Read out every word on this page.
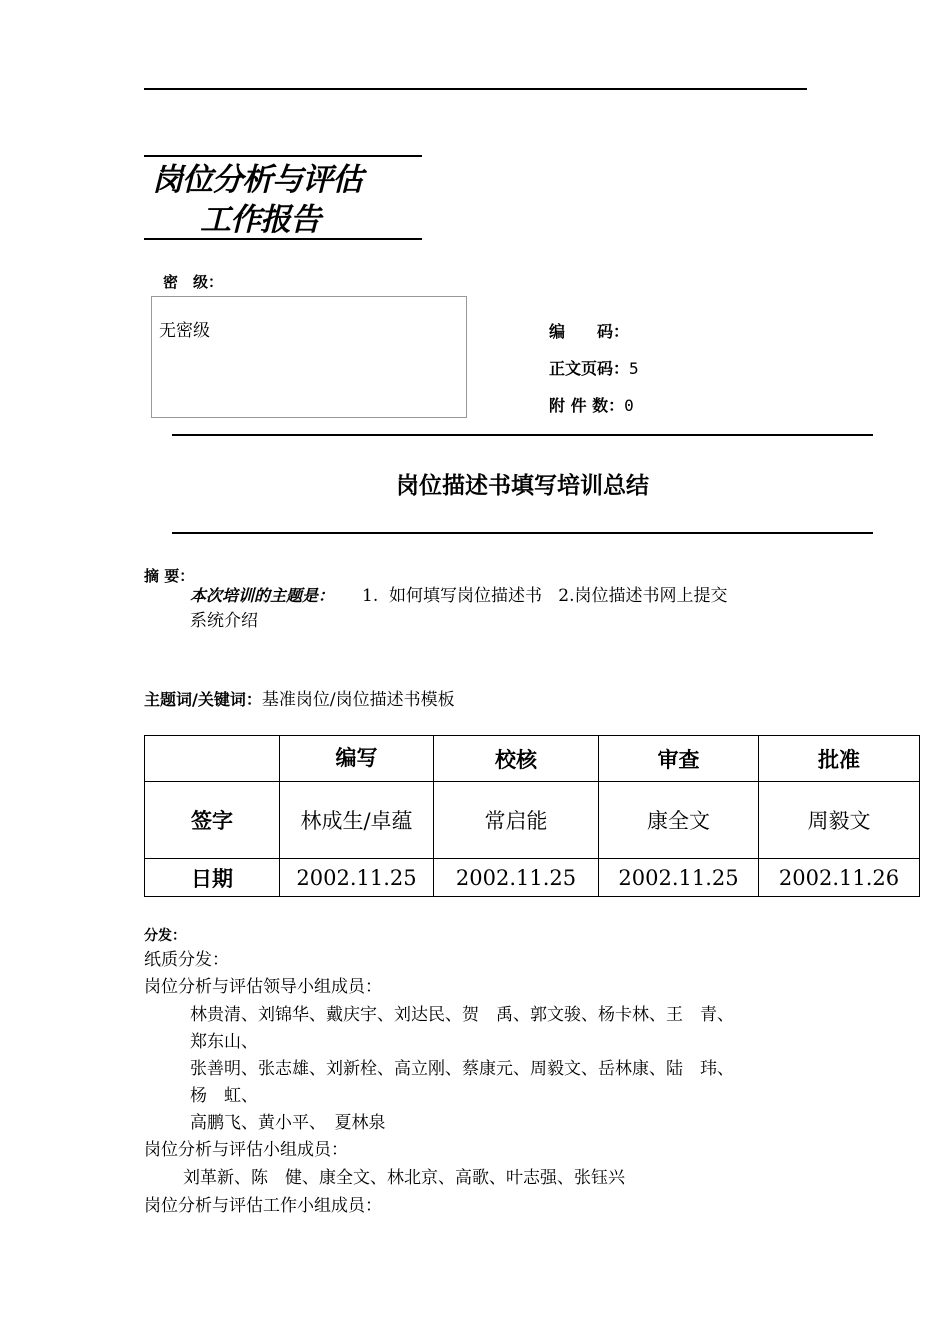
岗位分析与评估
工作报告
密　级：
无密级	编　　码：
正文页码：5
附 件 数：0
岗位描述书填写培训总结
摘 要：
本次培训的主题是： 1.  如何填写岗位描述书   2.岗位描述书网上提交
系统介绍
主题词/关键词：基准岗位/岗位描述书模板
	编写	校核	审查	批准
签字	林成生/卓蕴	常启能	康全文	周毅文
日期	2002.11.25	2002.11.25	2002.11.25	2002.11.26
分发：
纸质分发：
岗位分析与评估领导小组成员：
林贵清、刘锦华、戴庆宇、刘达民、贺　禹、郭文骏、杨卡林、王　青、
郑东山、
张善明、张志雄、刘新栓、高立刚、蔡康元、周毅文、岳林康、陆　玮、
杨　虹、
高鹏飞、黄小平、　夏林泉
岗位分析与评估小组成员：
刘革新、陈　健、康全文、林北京、高歌、叶志强、张钰兴
岗位分析与评估工作小组成员：
